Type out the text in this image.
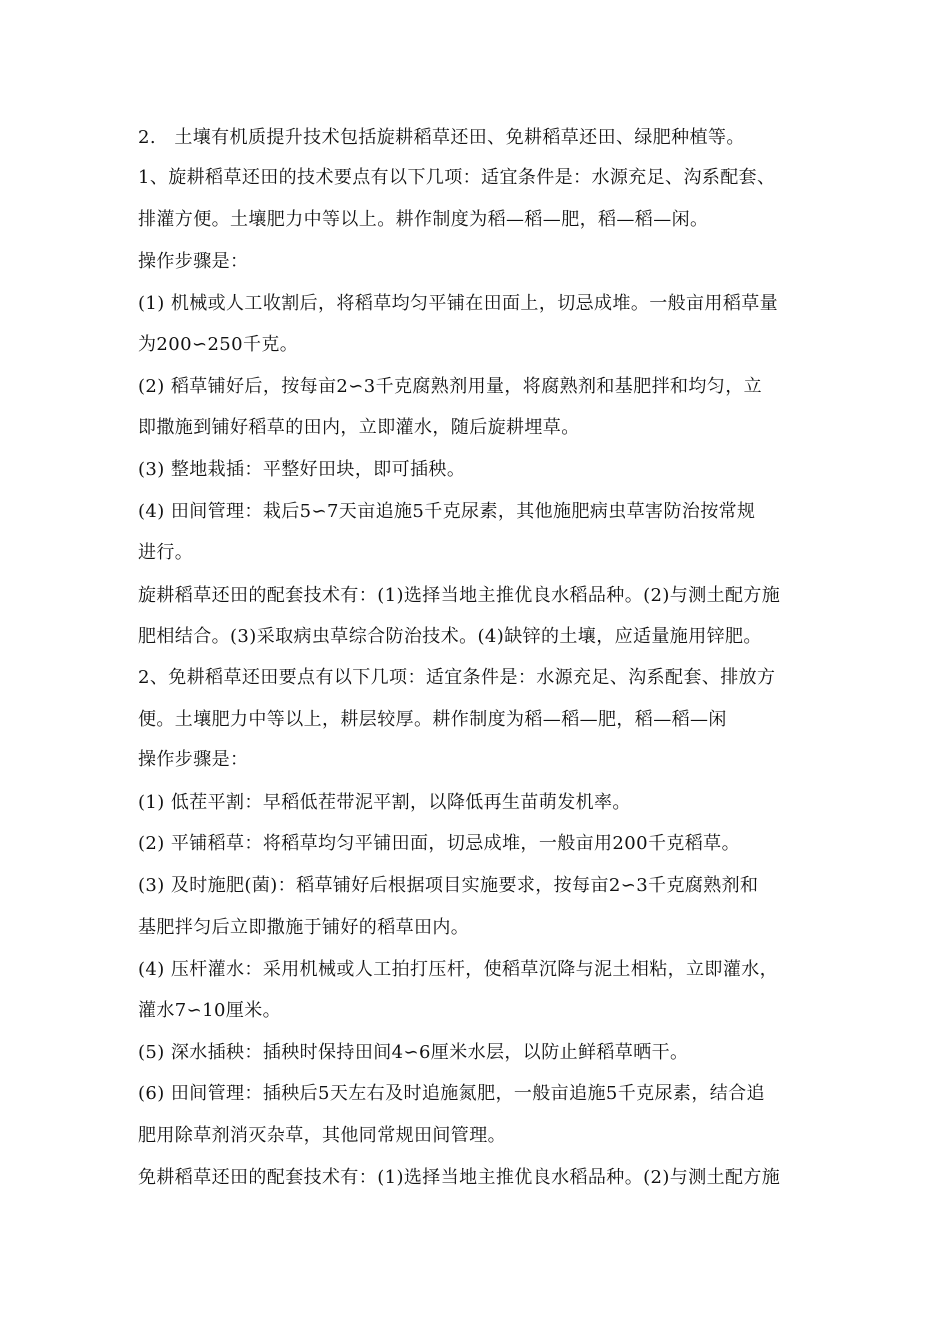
2.　土壤有机质提升技术包括旋耕稻草还田、免耕稻草还田、绿肥种植等。
1、旋耕稻草还田的技术要点有以下几项：适宜条件是：水源充足、沟系配套、
排灌方便。土壤肥力中等以上。耕作制度为稻—稻—肥，稻—稻—闲。
操作步骤是：
(1) 机械或人工收割后，将稻草均匀平铺在田面上，切忌成堆。一般亩用稻草量
为200∽250千克。
(2) 稻草铺好后，按每亩2∽3千克腐熟剂用量，将腐熟剂和基肥拌和均匀，立
即撒施到铺好稻草的田内，立即灌水，随后旋耕埋草。
(3) 整地栽插：平整好田块，即可插秧。
(4) 田间管理：栽后5∽7天亩追施5千克尿素，其他施肥病虫草害防治按常规
进行。
旋耕稻草还田的配套技术有：(1)选择当地主推优良水稻品种。(2)与测土配方施
肥相结合。(3)采取病虫草综合防治技术。(4)缺锌的土壤，应适量施用锌肥。
2、免耕稻草还田要点有以下几项：适宜条件是：水源充足、沟系配套、排放方
便。土壤肥力中等以上，耕层较厚。耕作制度为稻—稻—肥，稻—稻—闲
操作步骤是：
(1) 低茬平割：早稻低茬带泥平割，以降低再生苗萌发机率。
(2) 平铺稻草：将稻草均匀平铺田面，切忌成堆，一般亩用200千克稻草。
(3) 及时施肥(菌)：稻草铺好后根据项目实施要求，按每亩2∽3千克腐熟剂和
基肥拌匀后立即撒施于铺好的稻草田内。
(4) 压杆灌水：采用机械或人工拍打压杆，使稻草沉降与泥土相粘，立即灌水，
灌水7∽10厘米。
(5) 深水插秧：插秧时保持田间4∽6厘米水层，以防止鲜稻草晒干。
(6) 田间管理：插秧后5天左右及时追施氮肥，一般亩追施5千克尿素，结合追
肥用除草剂消灭杂草，其他同常规田间管理。
免耕稻草还田的配套技术有：(1)选择当地主推优良水稻品种。(2)与测土配方施
